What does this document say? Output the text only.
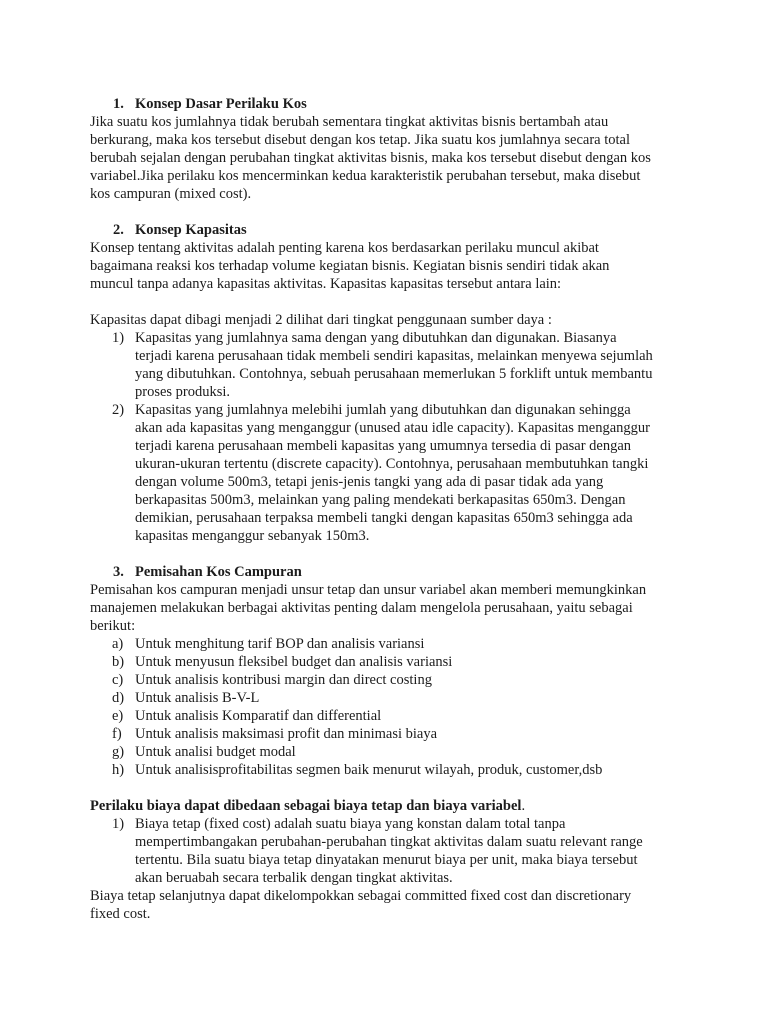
1. Konsep Dasar Perilaku Kos
Jika suatu kos jumlahnya tidak berubah sementara tingkat aktivitas bisnis bertambah atau
berkurang, maka kos tersebut disebut dengan kos tetap. Jika suatu kos jumlahnya secara total
berubah sejalan dengan perubahan tingkat aktivitas bisnis, maka kos tersebut disebut dengan kos
variabel.Jika perilaku kos mencerminkan kedua karakteristik perubahan tersebut, maka disebut
kos campuran (mixed cost).
2. Konsep Kapasitas
Konsep tentang aktivitas adalah penting karena kos berdasarkan perilaku muncul akibat
bagaimana reaksi kos terhadap volume kegiatan bisnis. Kegiatan bisnis sendiri tidak akan
muncul tanpa adanya kapasitas aktivitas. Kapasitas kapasitas tersebut antara lain:
Kapasitas dapat dibagi menjadi 2 dilihat dari tingkat penggunaan sumber daya :
1) Kapasitas yang jumlahnya sama dengan yang dibutuhkan dan digunakan. Biasanya
terjadi karena perusahaan tidak membeli sendiri kapasitas, melainkan menyewa sejumlah
yang dibutuhkan. Contohnya, sebuah perusahaan memerlukan 5 forklift untuk membantu
proses produksi.
2) Kapasitas yang jumlahnya melebihi jumlah yang dibutuhkan dan digunakan sehingga
akan ada kapasitas yang menganggur (unused atau idle capacity). Kapasitas menganggur
terjadi karena perusahaan membeli kapasitas yang umumnya tersedia di pasar dengan
ukuran-ukuran tertentu (discrete capacity). Contohnya, perusahaan membutuhkan tangki
dengan volume 500m3, tetapi jenis-jenis tangki yang ada di pasar tidak ada yang
berkapasitas 500m3, melainkan yang paling mendekati berkapasitas 650m3. Dengan
demikian, perusahaan terpaksa membeli tangki dengan kapasitas 650m3 sehingga ada
kapasitas menganggur sebanyak 150m3.
3. Pemisahan Kos Campuran
Pemisahan kos campuran menjadi unsur tetap dan unsur variabel akan memberi memungkinkan
manajemen melakukan berbagai aktivitas penting dalam mengelola perusahaan, yaitu sebagai
berikut:
a) Untuk menghitung tarif BOP dan analisis variansi
b) Untuk menyusun fleksibel budget dan analisis variansi
c) Untuk analisis kontribusi margin dan direct costing
d) Untuk analisis B-V-L
e) Untuk analisis Komparatif dan differential
f) Untuk analisis maksimasi profit dan minimasi biaya
g) Untuk analisi budget modal
h) Untuk analisisprofitabilitas segmen baik menurut wilayah, produk, customer,dsb
Perilaku biaya dapat dibedaan sebagai biaya tetap dan biaya variabel.
1) Biaya tetap (fixed cost) adalah suatu biaya yang konstan dalam total tanpa
mempertimbangakan perubahan-perubahan tingkat aktivitas dalam suatu relevant range
tertentu. Bila suatu biaya tetap dinyatakan menurut biaya per unit, maka biaya tersebut
akan beruabah secara terbalik dengan tingkat aktivitas.
Biaya tetap selanjutnya dapat dikelompokkan sebagai committed fixed cost dan discretionary
fixed cost.
